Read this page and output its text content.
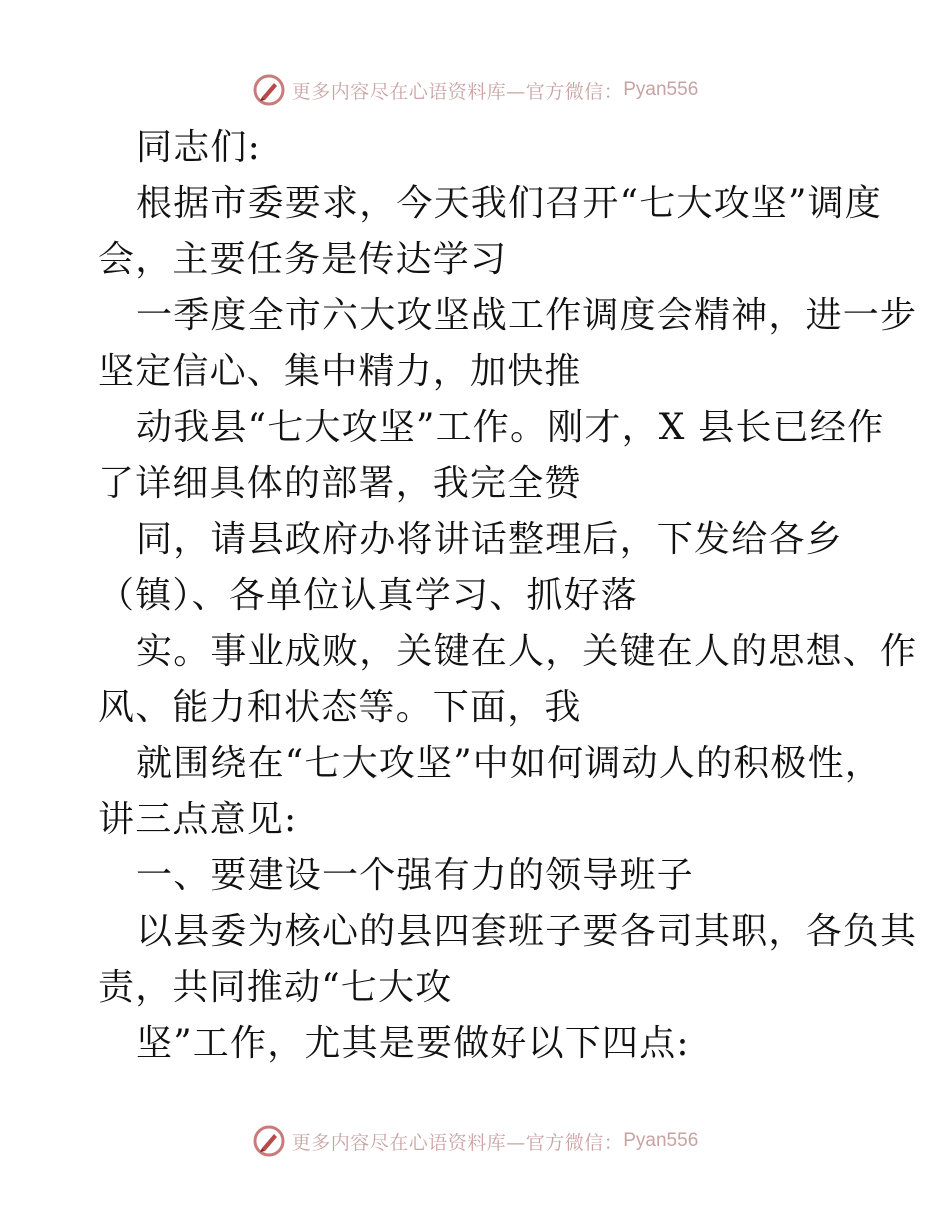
更多内容尽在心语资料库—官方微信： Pyan556
同志们:
根据市委要求，今天我们召开“七大攻坚”调度
会，主要任务是传达学习
一季度全市六大攻坚战工作调度会精神，进一步
坚定信心、集中精力，加快推
动我县“七大攻坚”工作。刚才，X 县长已经作
了详细具体的部署，我完全赞
同，请县政府办将讲话整理后，下发给各乡
（镇）、各单位认真学习、抓好落
实。事业成败，关键在人，关键在人的思想、作
风、能力和状态等。下面，我
就围绕在“七大攻坚”中如何调动人的积极性，
讲三点意见:
一、要建设一个强有力的领导班子
以县委为核心的县四套班子要各司其职，各负其
责，共同推动“七大攻
坚”工作，尤其是要做好以下四点:
更多内容尽在心语资料库—官方微信： Pyan556
